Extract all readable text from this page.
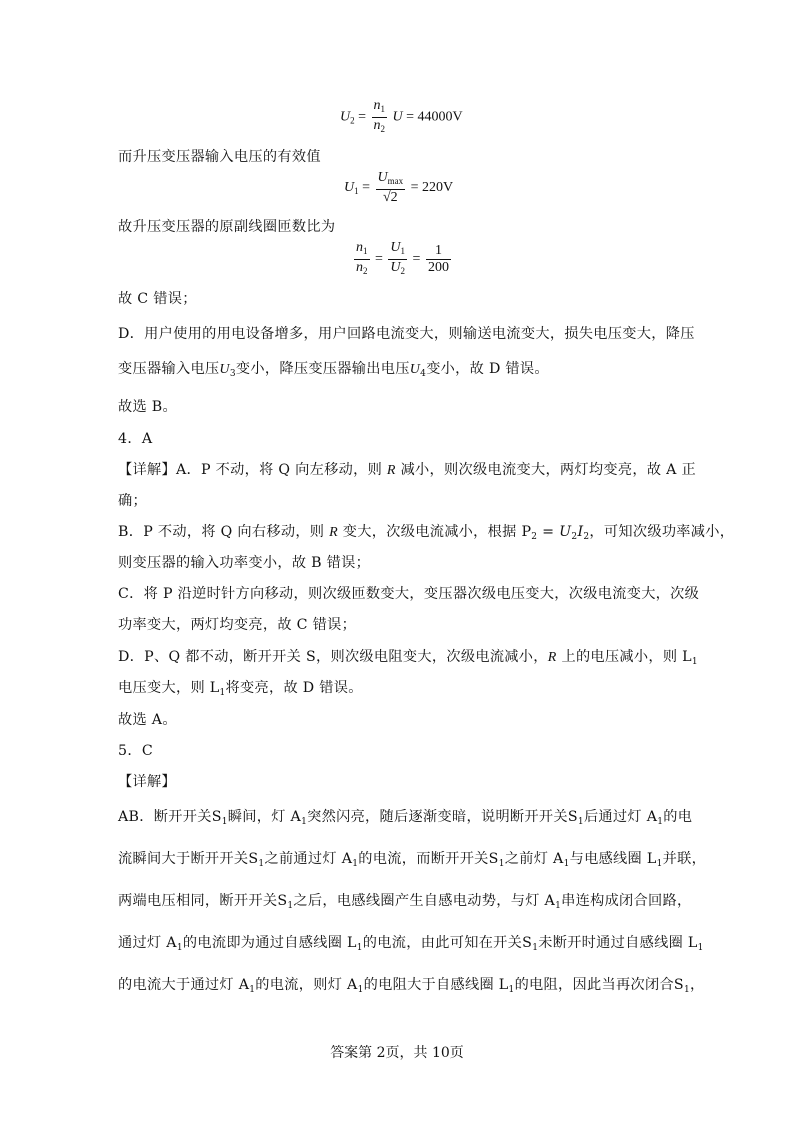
$U_2 = \frac{n_1}{n_2}$ U = 44000V
而升压变压器输入电压的有效值
$U_1 = \frac{U_{max}}{√2} = 220V$
故升压变压器的原副线圈匝数比为
$\frac{n_1}{n_2} = \frac{U_1}{U_2} = \frac{1}{200}$
故 C 错误；
D．用户使用的用电设备增多，用户回路电流变大，则输送电流变大，损失电压变大，降压
变压器输入电压$U_3$变小，降压变压器输出电压$U_4$变小，故 D 错误。
故选 B。
4．A
【详解】A．P 不动，将 Q 向左移动，则 R 减小，则次级电流变大，两灯均变亮，故 A 正
确；
B．P 不动，将 Q 向右移动，则 R 变大，次级电流减小，根据 $P_2 = U_2I_2$，可知次级功率减小，
则变压器的输入功率变小，故 B 错误；
C．将 P 沿逆时针方向移动，则次级匝数变大，变压器次级电压变大，次级电流变大，次级
功率变大，两灯均变亮，故 C 错误；
D．P、Q 都不动，断开开关 S，则次级电阻变大，次级电流减小，R 上的电压减小，则 $L_1$
电压变大，则 $L_1$将变亮，故 D 错误。
故选 A。
5．C
【详解】
AB．断开开关$S_1$瞬间，灯 $A_1$突然闪亮，随后逐渐变暗，说明断开开关$S_1$后通过灯 $A_1$的电
流瞬间大于断开开关$S_1$之前通过灯 $A_1$的电流，而断开开关$S_1$之前灯 $A_1$与电感线圈 $L_1$并联，
两端电压相同，断开开关$S_1$之后，电感线圈产生自感电动势，与灯 $A_1$串连构成闭合回路，
通过灯 $A_1$的电流即为通过自感线圈 $L_1$的电流，由此可知在开关$S_1$未断开时通过自感线圈 $L_1$
的电流大于通过灯 $A_1$的电流，则灯 $A_1$的电阻大于自感线圈 $L_1$的电阻，因此当再次闭合$S_1$，
答案第 2页，共 10页
